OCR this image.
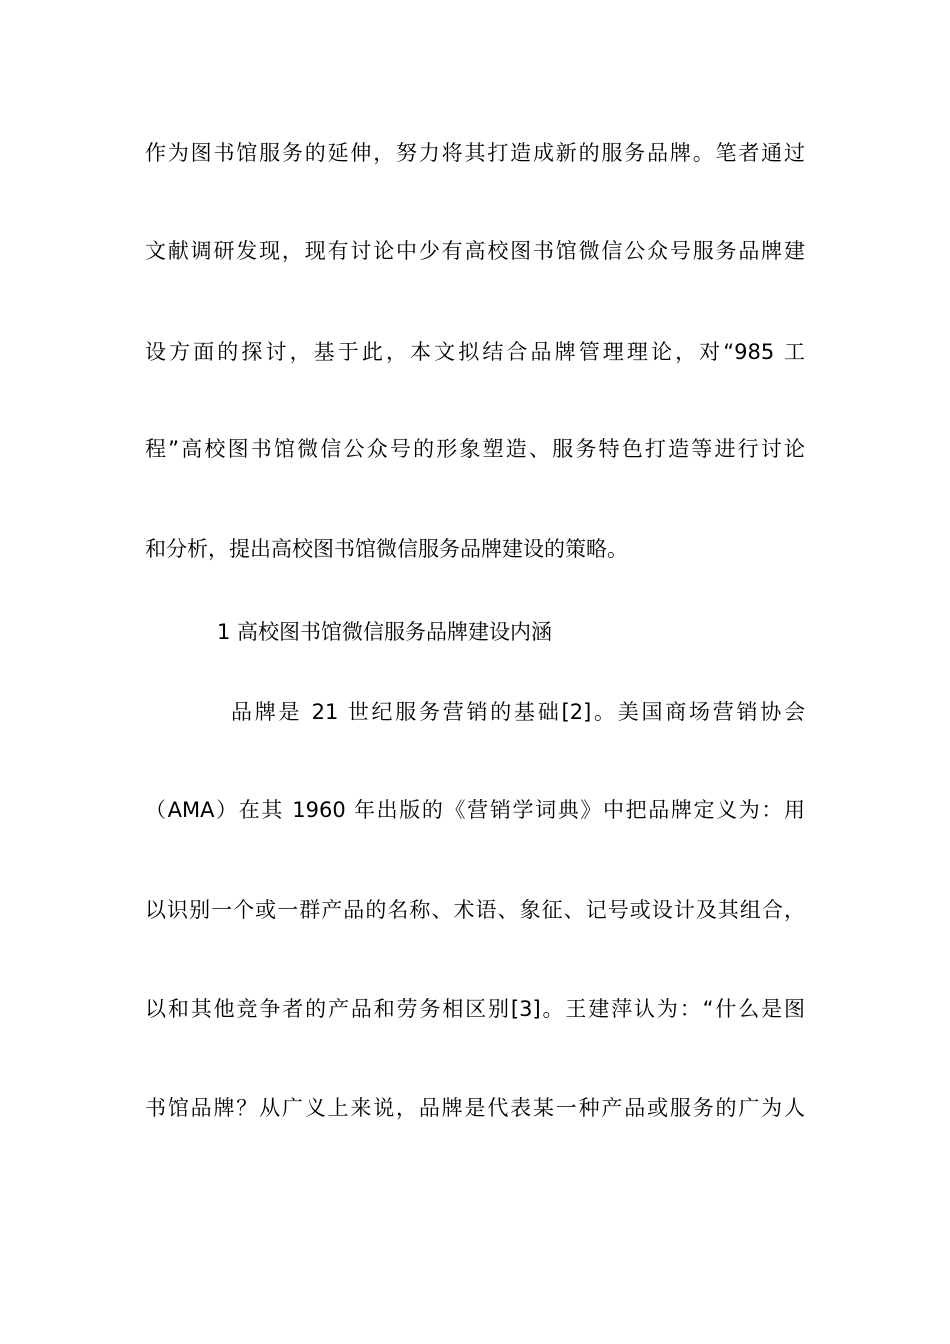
作为图书馆服务的延伸，努力将其打造成新的服务品牌。笔者通过
文献调研发现，现有讨论中少有高校图书馆微信公众号服务品牌建
设方面的探讨，基于此，本文拟结合品牌管理理论，对“985 工
程”高校图书馆微信公众号的形象塑造、服务特色打造等进行讨论
和分析，提出高校图书馆微信服务品牌建设的策略。
1 高校图书馆微信服务品牌建设内涵
品牌是 21 世纪服务营销的基础[2]。美国商场营销协会
（AMA）在其 1960 年出版的《营销学词典》中把品牌定义为：用
以识别一个或一群产品的名称、术语、象征、记号或设计及其组合，
以和其他竞争者的产品和劳务相区别[3]。王建萍认为：“什么是图
书馆品牌？从广义上来说，品牌是代表某一种产品或服务的广为人
